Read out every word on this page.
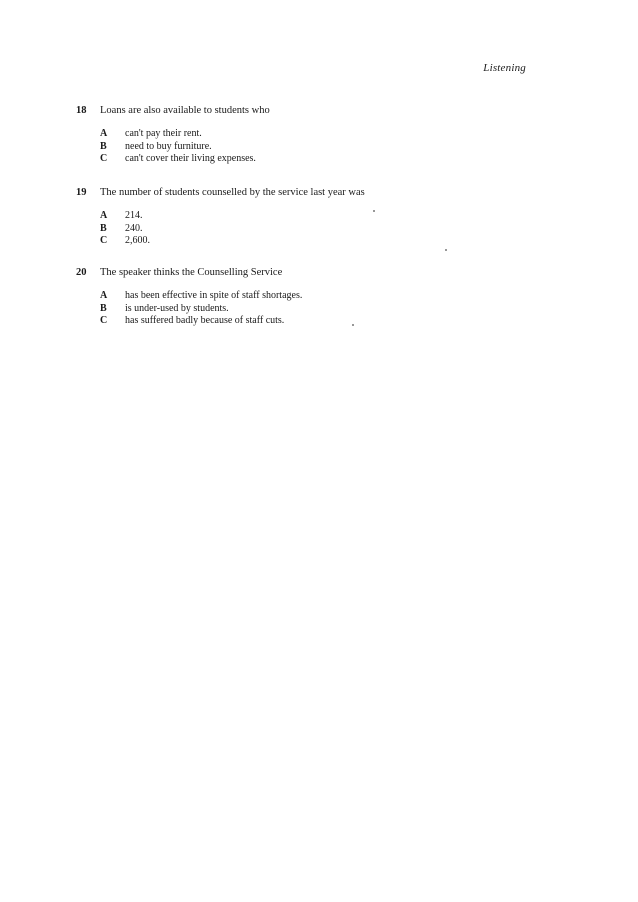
Listening
18	Loans are also available to students who
A	can't pay their rent.
B	need to buy furniture.
C	can't cover their living expenses.
19	The number of students counselled by the service last year was
A	214.
B	240.
C	2,600.
20	The speaker thinks the Counselling Service
A	has been effective in spite of staff shortages.
B	is under-used by students.
C	has suffered badly because of staff cuts.
